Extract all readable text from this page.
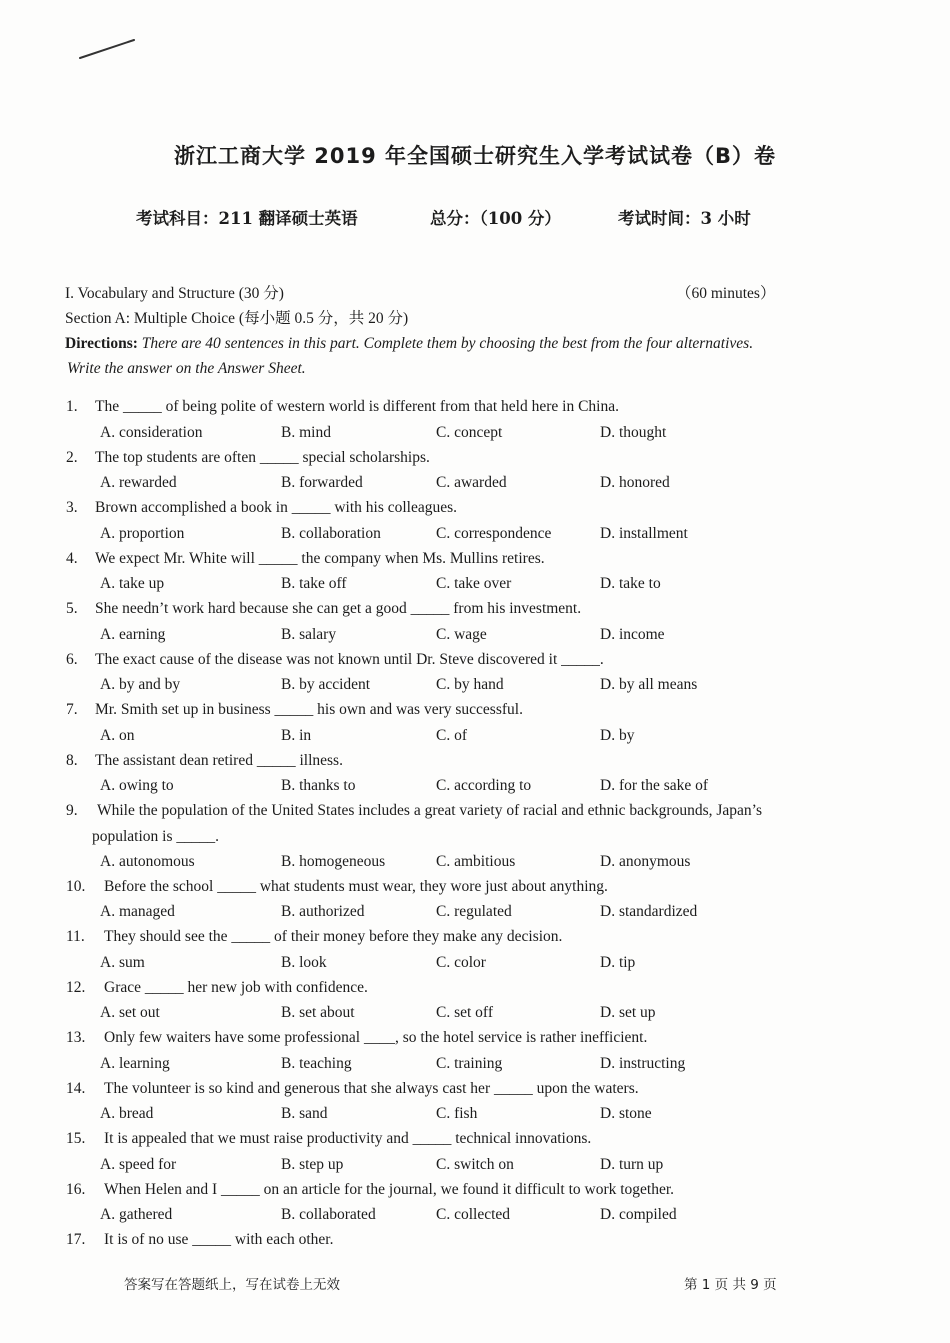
浙江工商大学 2019 年全国硕士研究生入学考试试卷（B）卷
考试科目：211 翻译硕士英语	总分：（100 分）	考试时间：3 小时
I. Vocabulary and Structure (30 分)	（60 minutes）
Section A: Multiple Choice (每小题 0.5 分，共 20 分)
Directions: There are 40 sentences in this part. Complete them by choosing the best from the four alternatives.
Write the answer on the Answer Sheet.
1. The _____ of being polite of western world is different from that held here in China.
A. consideration	B. mind	C. concept	D. thought
2. The top students are often _____ special scholarships.
A. rewarded	B. forwarded	C. awarded	D. honored
3. Brown accomplished a book in _____ with his colleagues.
A. proportion	B. collaboration	C. correspondence	D. installment
4. We expect Mr. White will _____ the company when Ms. Mullins retires.
A. take up	B. take off	C. take over	D. take to
5. She needn’t work hard because she can get a good _____ from his investment.
A. earning	B. salary	C. wage	D. income
6. The exact cause of the disease was not known until Dr. Steve discovered it _____.
A. by and by	B. by accident	C. by hand	D. by all means
7. Mr. Smith set up in business _____ his own and was very successful.
A. on	B. in	C. of	D. by
8. The assistant dean retired _____ illness.
A. owing to	B. thanks to	C. according to	D. for the sake of
9. While the population of the United States includes a great variety of racial and ethnic backgrounds, Japan’s
population is _____.
A. autonomous	B. homogeneous	C. ambitious	D. anonymous
10. Before the school _____ what students must wear, they wore just about anything.
A. managed	B. authorized	C. regulated	D. standardized
11. They should see the _____ of their money before they make any decision.
A. sum	B. look	C. color	D. tip
12. Grace _____ her new job with confidence.
A. set out	B. set about	C. set off	D. set up
13. Only few waiters have some professional ____, so the hotel service is rather inefficient.
A. learning	B. teaching	C. training	D. instructing
14. The volunteer is so kind and generous that she always cast her _____ upon the waters.
A. bread	B. sand	C. fish	D. stone
15. It is appealed that we must raise productivity and _____ technical innovations.
A. speed for	B. step up	C. switch on	D. turn up
16. When Helen and I _____ on an article for the journal, we found it difficult to work together.
A. gathered	B. collaborated	C. collected	D. compiled
17. It is of no use _____ with each other.
答案写在答题纸上，写在试卷上无效	第 1 页 共 9 页
